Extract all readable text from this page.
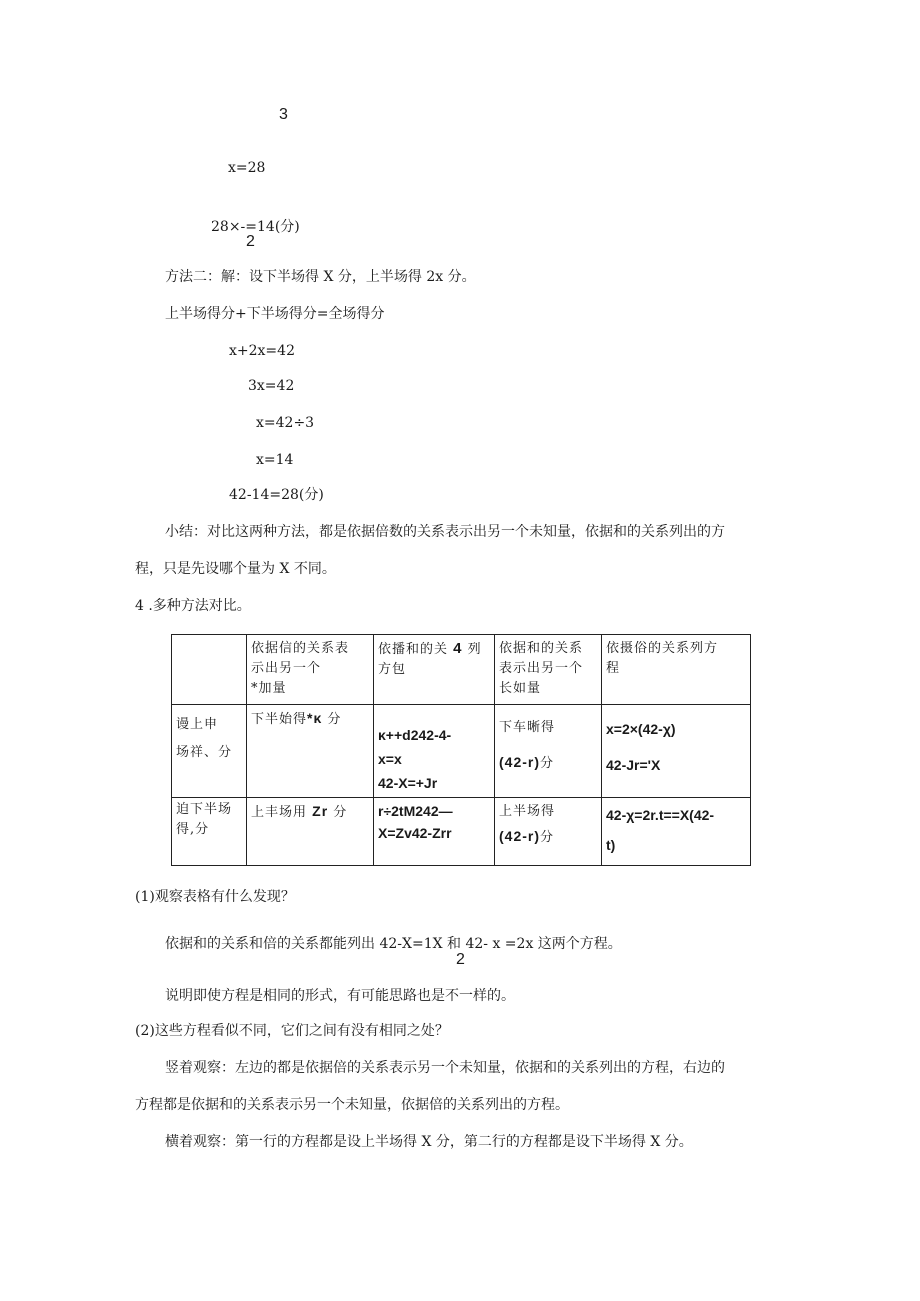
3
x=28
28×-=14(分)
2
方法二：解：设下半场得 X 分，上半场得 2x 分。
上半场得分+下半场得分=全场得分
x+2x=42
3x=42
x=42÷3
x=14
42-14=28(分)
小结：对比这两种方法，都是依据倍数的关系表示出另一个未知量，依据和的关系列出的方
程，只是先设哪个量为 X 不同。
4 .多种方法对比。

	依据信的关系表
示出另一个
*加量	依播和的关 4 列
方包	依据和的关系
表示出另一个
长如量	依摄俗的关系列方
程

谩上申
场祥、分	下半始得*κ 分	κ++d242-4-
x=x
42-X=+Jr	下车晰得
(42-r)分	x=2×(42-χ)
42-Jr='X

迫下半场
得,分	上丰场用 Zr 分	r÷2tM242—
X=Zv42-Zrr	上半场得
(42-r)分	42-χ=2r.t==X(42-
t)
(1)观察表格有什么发现？
依据和的关系和倍的关系都能列出 42-X=1X 和 42- x =2x 这两个方程。
2
说明即使方程是相同的形式，有可能思路也是不一样的。
(2)这些方程看似不同，它们之间有没有相同之处？
竖着观察：左边的都是依据倍的关系表示另一个未知量，依据和的关系列出的方程，右边的
方程都是依据和的关系表示另一个未知量，依据倍的关系列出的方程。
横着观察：第一行的方程都是设上半场得 X 分，第二行的方程都是设下半场得 X 分。
